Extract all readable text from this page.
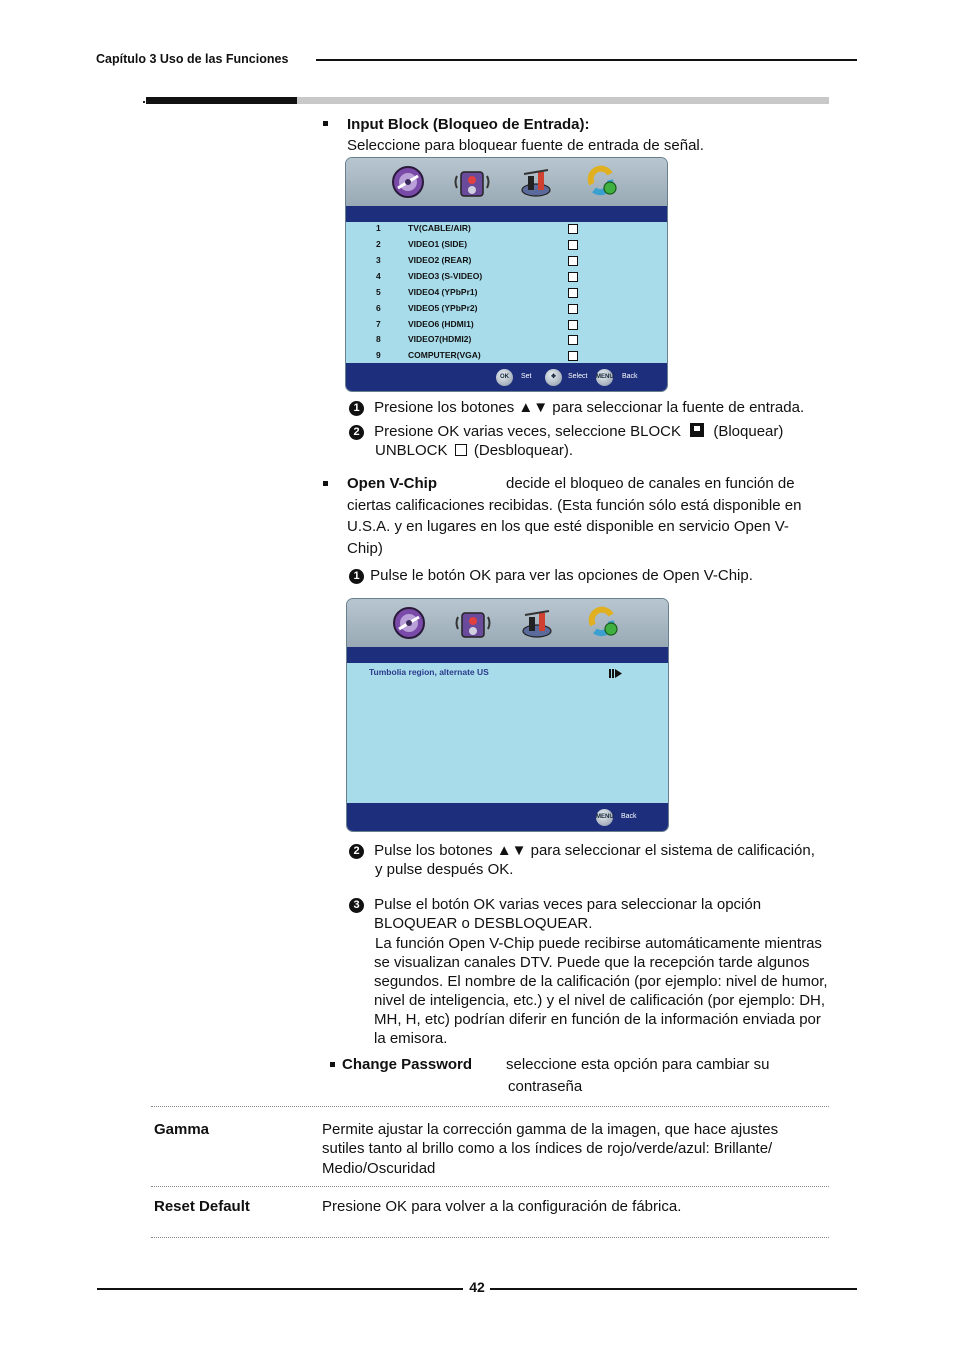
Capítulo 3 Uso de las Funciones
Input Block (Bloqueo de Entrada):
Seleccione para bloquear fuente de entrada de señal.
1	TV(CABLE/AIR)
2	VIDEO1 (SIDE)
3	VIDEO2 (REAR)
4	VIDEO3 (S-VIDEO)
5	VIDEO4 (YPbPr1)
6	VIDEO5 (YPbPr2)
7	VIDEO6 (HDMI1)
8	VIDEO7(HDMI2)
9	COMPUTER(VGA)
OK	Set	✥	Select MENU Back
1 Presione los botones ▲▼ para seleccionar la fuente de entrada.
2 Presione OK varias veces, seleccione BLOCK (Bloquear)
UNBLOCK (Desbloquear).
Open V-Chip	decide el bloqueo de canales en función de
ciertas calificaciones recibidas. (Esta función sólo está disponible en
U.S.A. y en lugares en los que esté disponible en servicio Open V-
Chip)
1 Pulse le botón OK para ver las opciones de Open V-Chip.
Tumbolia region, alternate US
MENU Back
2 Pulse los botones ▲▼ para seleccionar el sistema de calificación,
y pulse después OK.
3 Pulse el botón OK varias veces para seleccionar la opción
BLOQUEAR o DESBLOQUEAR.
La función Open V-Chip puede recibirse automáticamente mientras
se visualizan canales DTV. Puede que la recepción tarde algunos
segundos. El nombre de la calificación (por ejemplo: nivel de humor,
nivel de inteligencia, etc.) y el nivel de calificación (por ejemplo: DH,
MH, H, etc) podrían diferir en función de la información enviada por
la emisora.
Change Password seleccione esta opción para cambiar su
contraseña
Gamma	Permite ajustar la corrección gamma de la imagen, que hace ajustes
sutiles tanto al brillo como a los índices de rojo/verde/azul: Brillante/
Medio/Oscuridad
Reset Default	Presione OK para volver a la configuración de fábrica.
42
